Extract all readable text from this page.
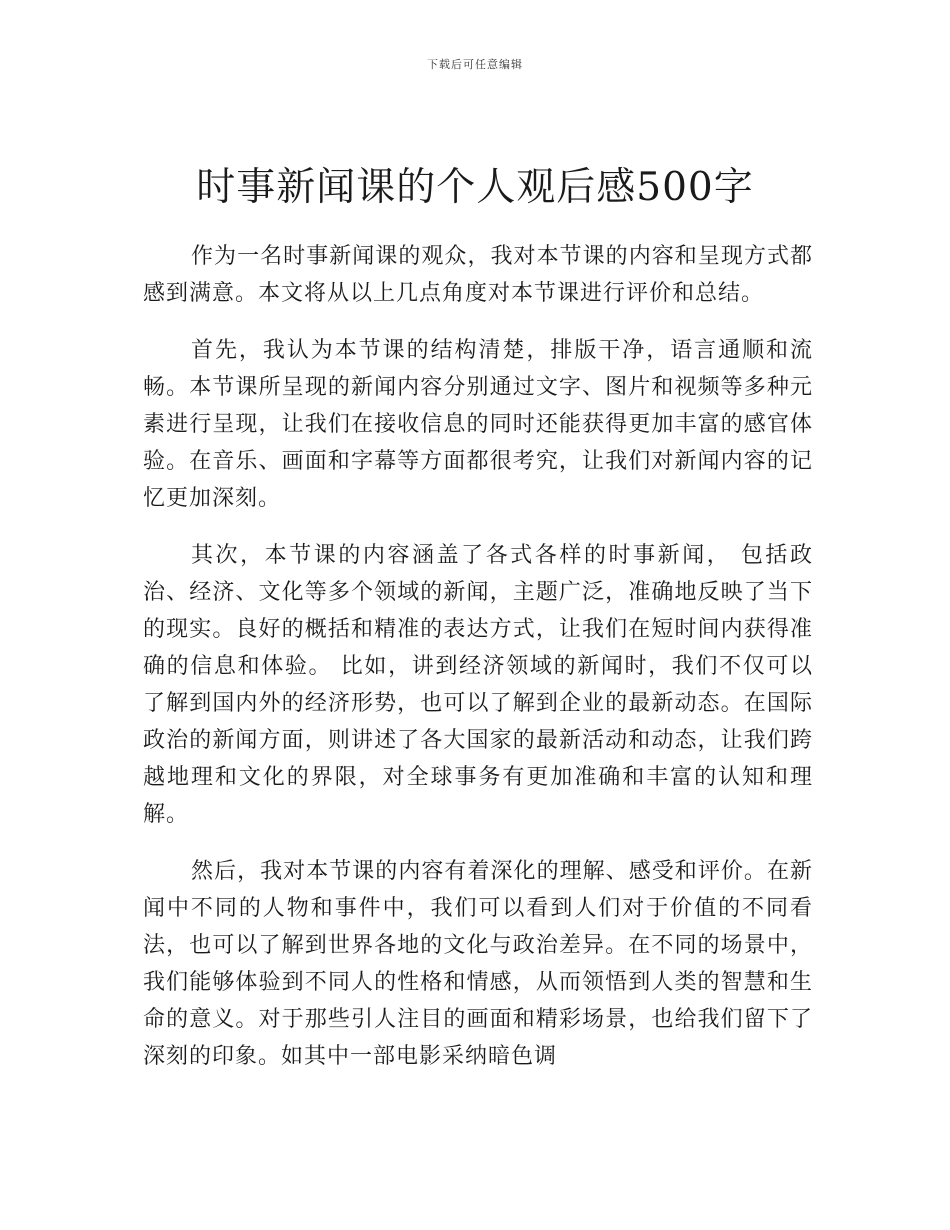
下载后可任意编辑
时事新闻课的个人观后感500字

作为一名时事新闻课的观众，我对本节课的内容和呈现方式都感到满意。本文将从以上几点角度对本节课进行评价和总结。

首先，我认为本节课的结构清楚，排版干净，语言通顺和流畅。本节课所呈现的新闻内容分别通过文字、图片和视频等多种元素进行呈现，让我们在接收信息的同时还能获得更加丰富的感官体验。在音乐、画面和字幕等方面都很考究，让我们对新闻内容的记忆更加深刻。

其次，本节课的内容涵盖了各式各样的时事新闻， 包括政治、经济、文化等多个领域的新闻，主题广泛，准确地反映了当下的现实。良好的概括和精准的表达方式，让我们在短时间内获得准确的信息和体验。 比如，讲到经济领域的新闻时，我们不仅可以了解到国内外的经济形势，也可以了解到企业的最新动态。在国际政治的新闻方面，则讲述了各大国家的最新活动和动态，让我们跨越地理和文化的界限，对全球事务有更加准确和丰富的认知和理解。

然后，我对本节课的内容有着深化的理解、感受和评价。在新闻中不同的人物和事件中，我们可以看到人们对于价值的不同看法，也可以了解到世界各地的文化与政治差异。在不同的场景中，我们能够体验到不同人的性格和情感，从而领悟到人类的智慧和生命的意义。对于那些引人注目的画面和精彩场景，也给我们留下了深刻的印象。如其中一部电影采纳暗色调
